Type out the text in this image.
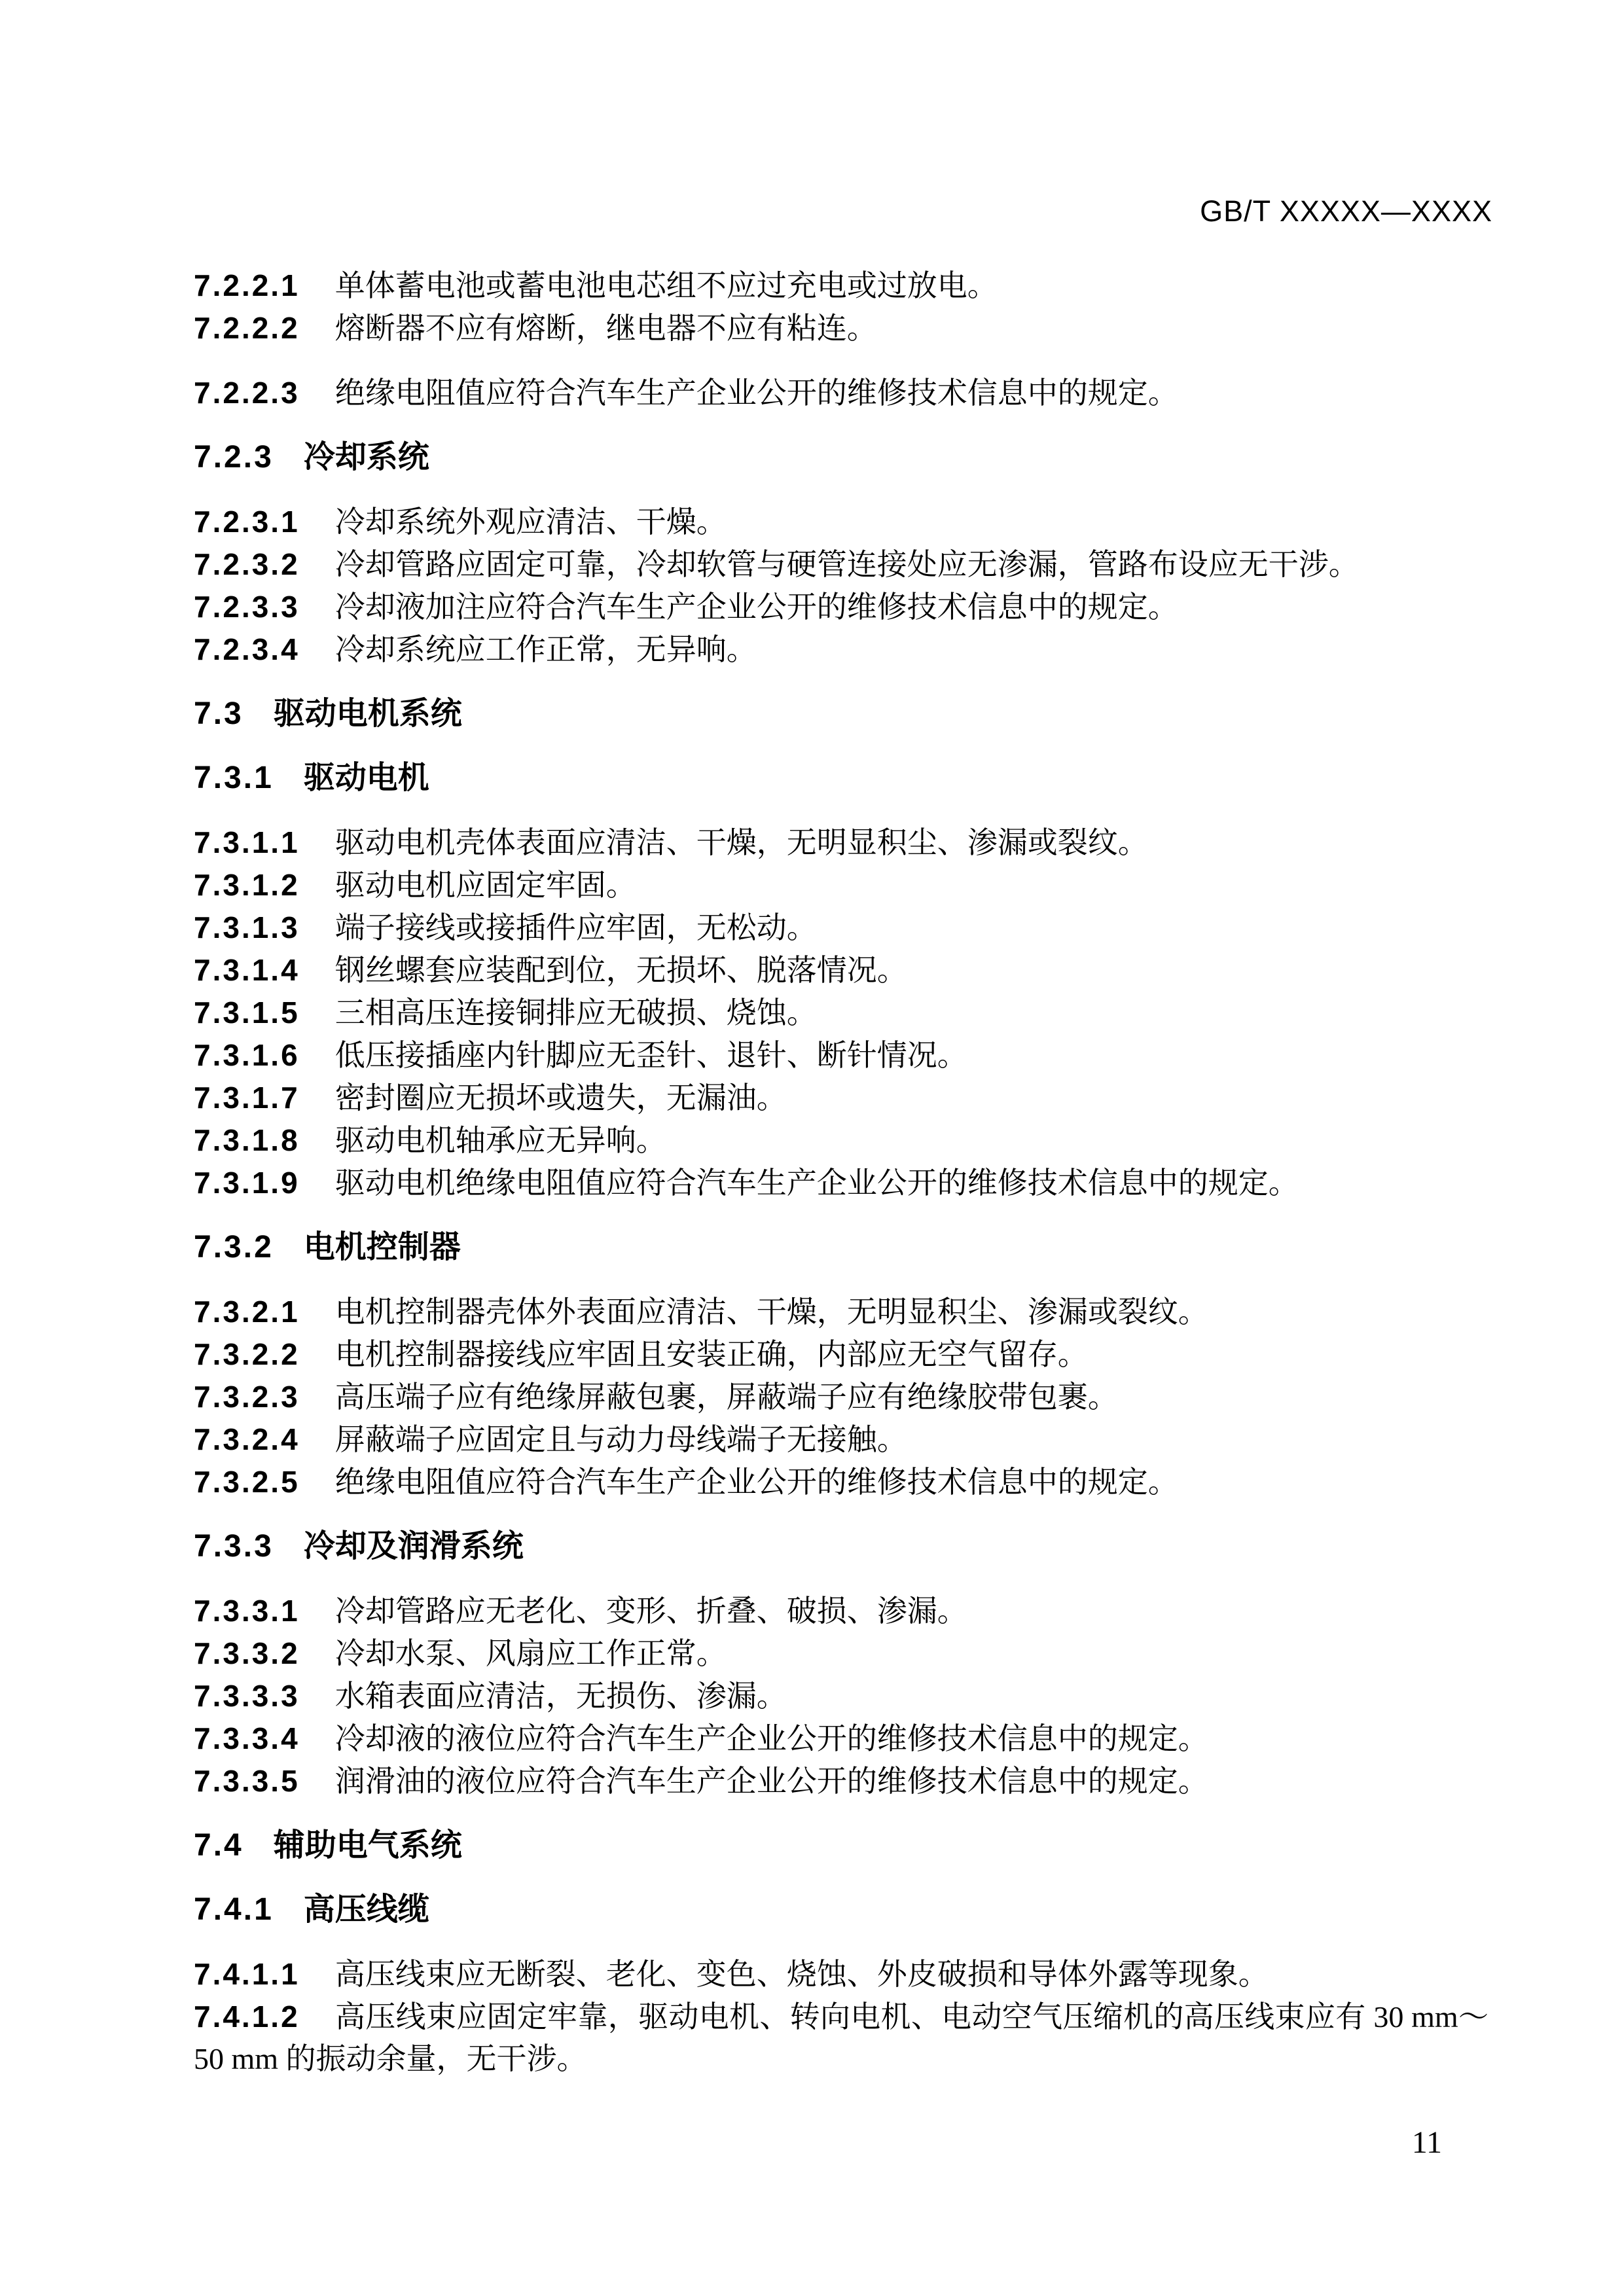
GB/T XXXXX—XXXX

7.2.2.1 单体蓄电池或蓄电池电芯组不应过充电或过放电。

7.2.2.2 熔断器不应有熔断，继电器不应有粘连。

7.2.2.3 绝缘电阻值应符合汽车生产企业公开的维修技术信息中的规定。

7.2.3 冷却系统

7.2.3.1 冷却系统外观应清洁、干燥。

7.2.3.2 冷却管路应固定可靠，冷却软管与硬管连接处应无渗漏，管路布设应无干涉。

7.2.3.3 冷却液加注应符合汽车生产企业公开的维修技术信息中的规定。

7.2.3.4 冷却系统应工作正常，无异响。

7.3 驱动电机系统

7.3.1 驱动电机

7.3.1.1 驱动电机壳体表面应清洁、干燥，无明显积尘、渗漏或裂纹。

7.3.1.2 驱动电机应固定牢固。

7.3.1.3 端子接线或接插件应牢固，无松动。

7.3.1.4 钢丝螺套应装配到位，无损坏、脱落情况。

7.3.1.5 三相高压连接铜排应无破损、烧蚀。

7.3.1.6 低压接插座内针脚应无歪针、退针、断针情况。

7.3.1.7 密封圈应无损坏或遗失，无漏油。

7.3.1.8 驱动电机轴承应无异响。

7.3.1.9 驱动电机绝缘电阻值应符合汽车生产企业公开的维修技术信息中的规定。

7.3.2 电机控制器

7.3.2.1 电机控制器壳体外表面应清洁、干燥，无明显积尘、渗漏或裂纹。

7.3.2.2 电机控制器接线应牢固且安装正确，内部应无空气留存。

7.3.2.3 高压端子应有绝缘屏蔽包裹，屏蔽端子应有绝缘胶带包裹。

7.3.2.4 屏蔽端子应固定且与动力母线端子无接触。

7.3.2.5 绝缘电阻值应符合汽车生产企业公开的维修技术信息中的规定。

7.3.3 冷却及润滑系统

7.3.3.1 冷却管路应无老化、变形、折叠、破损、渗漏。

7.3.3.2 冷却水泵、风扇应工作正常。

7.3.3.3 水箱表面应清洁，无损伤、渗漏。

7.3.3.4 冷却液的液位应符合汽车生产企业公开的维修技术信息中的规定。

7.3.3.5 润滑油的液位应符合汽车生产企业公开的维修技术信息中的规定。

7.4 辅助电气系统

7.4.1 高压线缆

7.4.1.1 高压线束应无断裂、老化、变色、烧蚀、外皮破损和导体外露等现象。

7.4.1.2 高压线束应固定牢靠，驱动电机、转向电机、电动空气压缩机的高压线束应有 30 mm～50 mm 的振动余量，无干涉。

11
